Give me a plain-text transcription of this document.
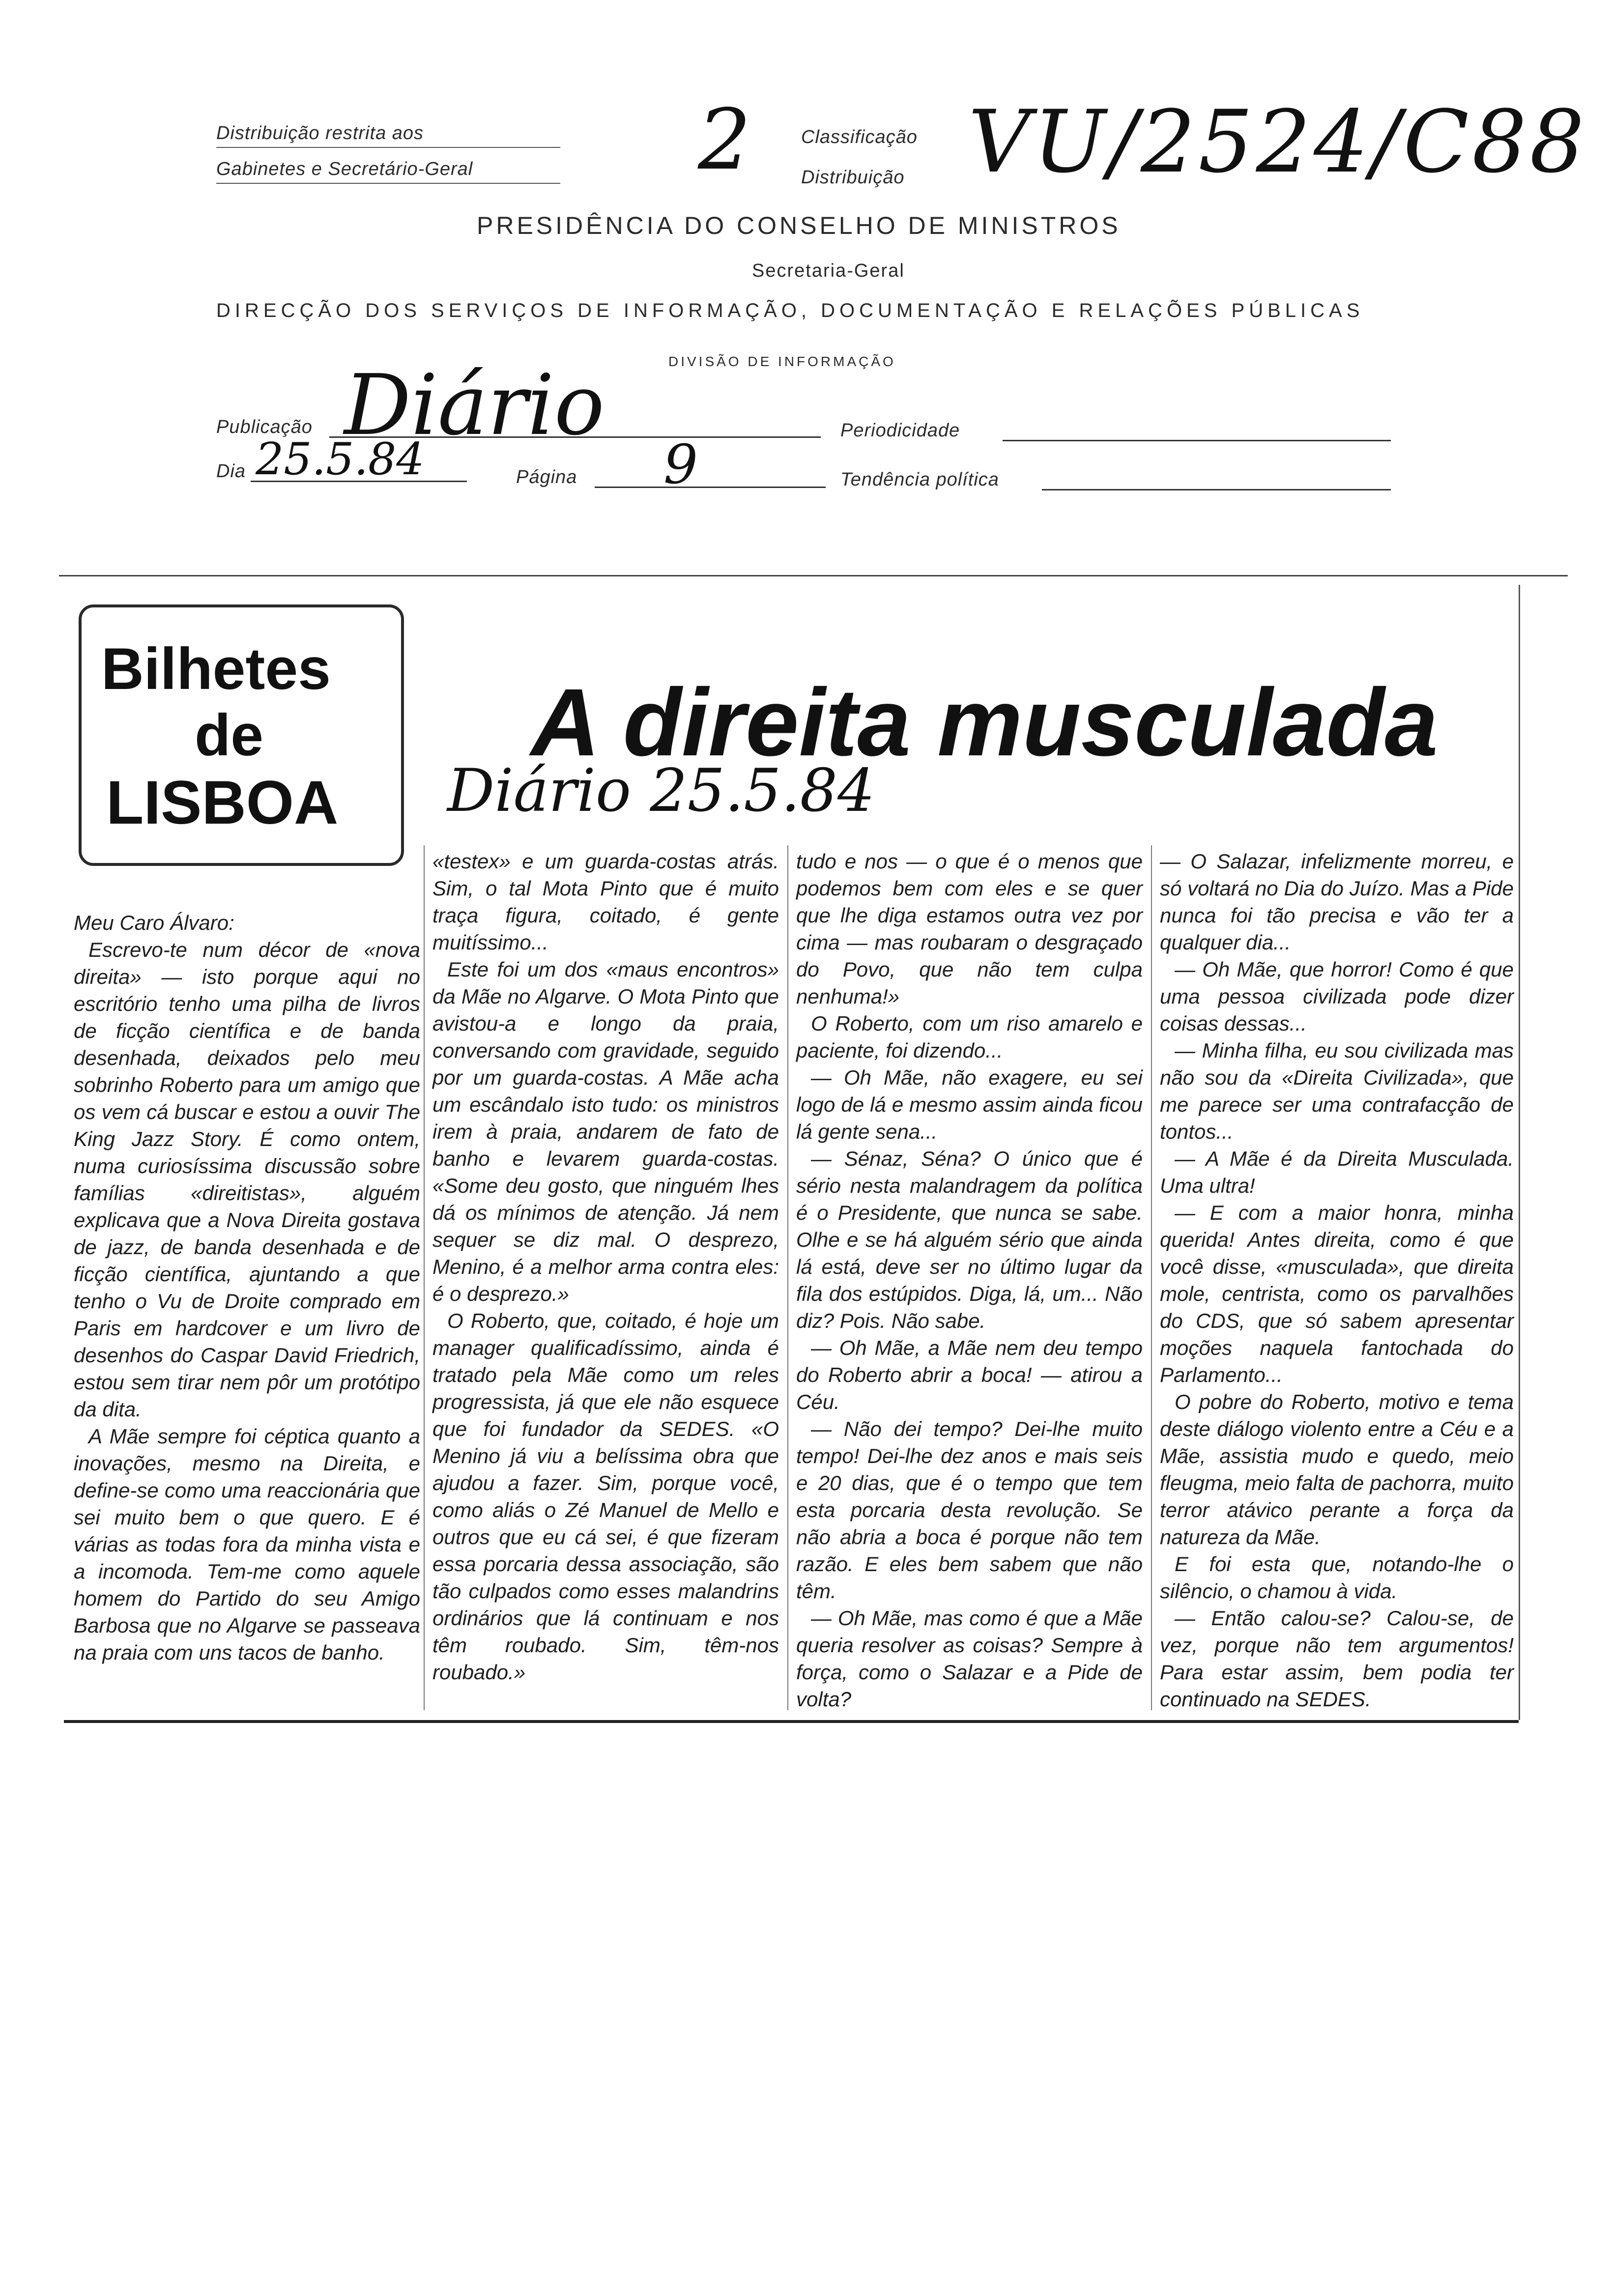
Distribuição restrita aos
Gabinetes e Secretário-Geral	2	Classificação
Distribuição VU/2524/C88
PRESIDÊNCIA DO CONSELHO DE MINISTROS
Secretaria-Geral
DIRECÇÃO DOS SERVIÇOS DE INFORMAÇÃO, DOCUMENTAÇÃO E RELAÇÕES PÚBLICAS
DIVISÃO DE INFORMAÇÃO
Publicação Diário	Periodicidade
Dia 25.5.84	Página 9	Tendência política
Bilhetes
de
LISBOA
A direita musculada
Diário 25.5.84

Meu Caro Álvaro:

Escrevo-te num décor de «nova direita» — isto porque aqui no escritório tenho uma pilha de livros de ficção científica e de banda desenhada, deixados pelo meu sobrinho Roberto para um amigo que os vem cá buscar e estou a ouvir The King Jazz Story. É como ontem, numa curiosíssima discussão sobre famílias «direitistas», alguém explicava que a Nova Direita gostava de jazz, de banda desenhada e de ficção científica, ajuntando a que tenho o Vu de Droite comprado em Paris em hardcover e um livro de desenhos do Caspar David Friedrich, estou sem tirar nem pôr um protótipo da dita.

A Mãe sempre foi céptica quanto a inovações, mesmo na Direita, e define-se como uma reaccionária que sei muito bem o que quero. E é várias as todas fora da minha vista e a incomoda. Tem-me como aquele homem do Partido do seu Amigo Barbosa que no Algarve se passeava na praia com uns tacos de banho.

«testex» e um guarda-costas atrás. Sim, o tal Mota Pinto que é muito traça figura, coitado, é gente muitíssimo...

Este foi um dos «maus encontros» da Mãe no Algarve. O Mota Pinto que avistou-a e longo da praia, conversando com gravidade, seguido por um guarda-costas. A Mãe acha um escândalo isto tudo: os ministros irem à praia, andarem de fato de banho e levarem guarda-costas. «Some deu gosto, que ninguém lhes dá os mínimos de atenção. Já nem sequer se diz mal. O desprezo, Menino, é a melhor arma contra eles: é o desprezo.»

O Roberto, que, coitado, é hoje um manager qualificadíssimo, ainda é tratado pela Mãe como um reles progressista, já que ele não esquece que foi fundador da SEDES. «O Menino já viu a belíssima obra que ajudou a fazer. Sim, porque você, como aliás o Zé Manuel de Mello e outros que eu cá sei, é que fizeram essa porcaria dessa associação, são tão culpados como esses malandrins ordinários que lá continuam e nos têm roubado. Sim, têm-nos roubado.»

tudo e nos — o que é o menos que podemos bem com eles e se quer que lhe diga estamos outra vez por cima — mas roubaram o desgraçado do Povo, que não tem culpa nenhuma!»

O Roberto, com um riso amarelo e paciente, foi dizendo...

— Oh Mãe, não exagere, eu sei logo de lá e mesmo assim ainda ficou lá gente sena...

— Sénaz, Séna? O único que é sério nesta malandragem da política é o Presidente, que nunca se sabe. Olhe e se há alguém sério que ainda lá está, deve ser no último lugar da fila dos estúpidos. Diga, lá, um... Não diz? Pois. Não sabe.

— Oh Mãe, a Mãe nem deu tempo do Roberto abrir a boca! — atirou a Céu.

— Não dei tempo? Dei-lhe muito tempo! Dei-lhe dez anos e mais seis e 20 dias, que é o tempo que tem esta porcaria desta revolução. Se não abria a boca é porque não tem razão. E eles bem sabem que não têm.

— Oh Mãe, mas como é que a Mãe queria resolver as coisas? Sempre à força, como o Salazar e a Pide de volta?

— O Salazar, infelizmente morreu, e só voltará no Dia do Juízo. Mas a Pide nunca foi tão precisa e vão ter a qualquer dia...

— Oh Mãe, que horror! Como é que uma pessoa civilizada pode dizer coisas dessas...

— Minha filha, eu sou civilizada mas não sou da «Direita Civilizada», que me parece ser uma contrafacção de tontos...

— A Mãe é da Direita Musculada. Uma ultra!

— E com a maior honra, minha querida! Antes direita, como é que você disse, «musculada», que direita mole, centrista, como os parvalhões do CDS, que só sabem apresentar moções naquela fantochada do Parlamento...

O pobre do Roberto, motivo e tema deste diálogo violento entre a Céu e a Mãe, assistia mudo e quedo, meio fleugma, meio falta de pachorra, muito terror atávico perante a força da natureza da Mãe.

E foi esta que, notando-lhe o silêncio, o chamou à vida.

— Então calou-se? Calou-se, de vez, porque não tem argumentos! Para estar assim, bem podia ter continuado na SEDES.
